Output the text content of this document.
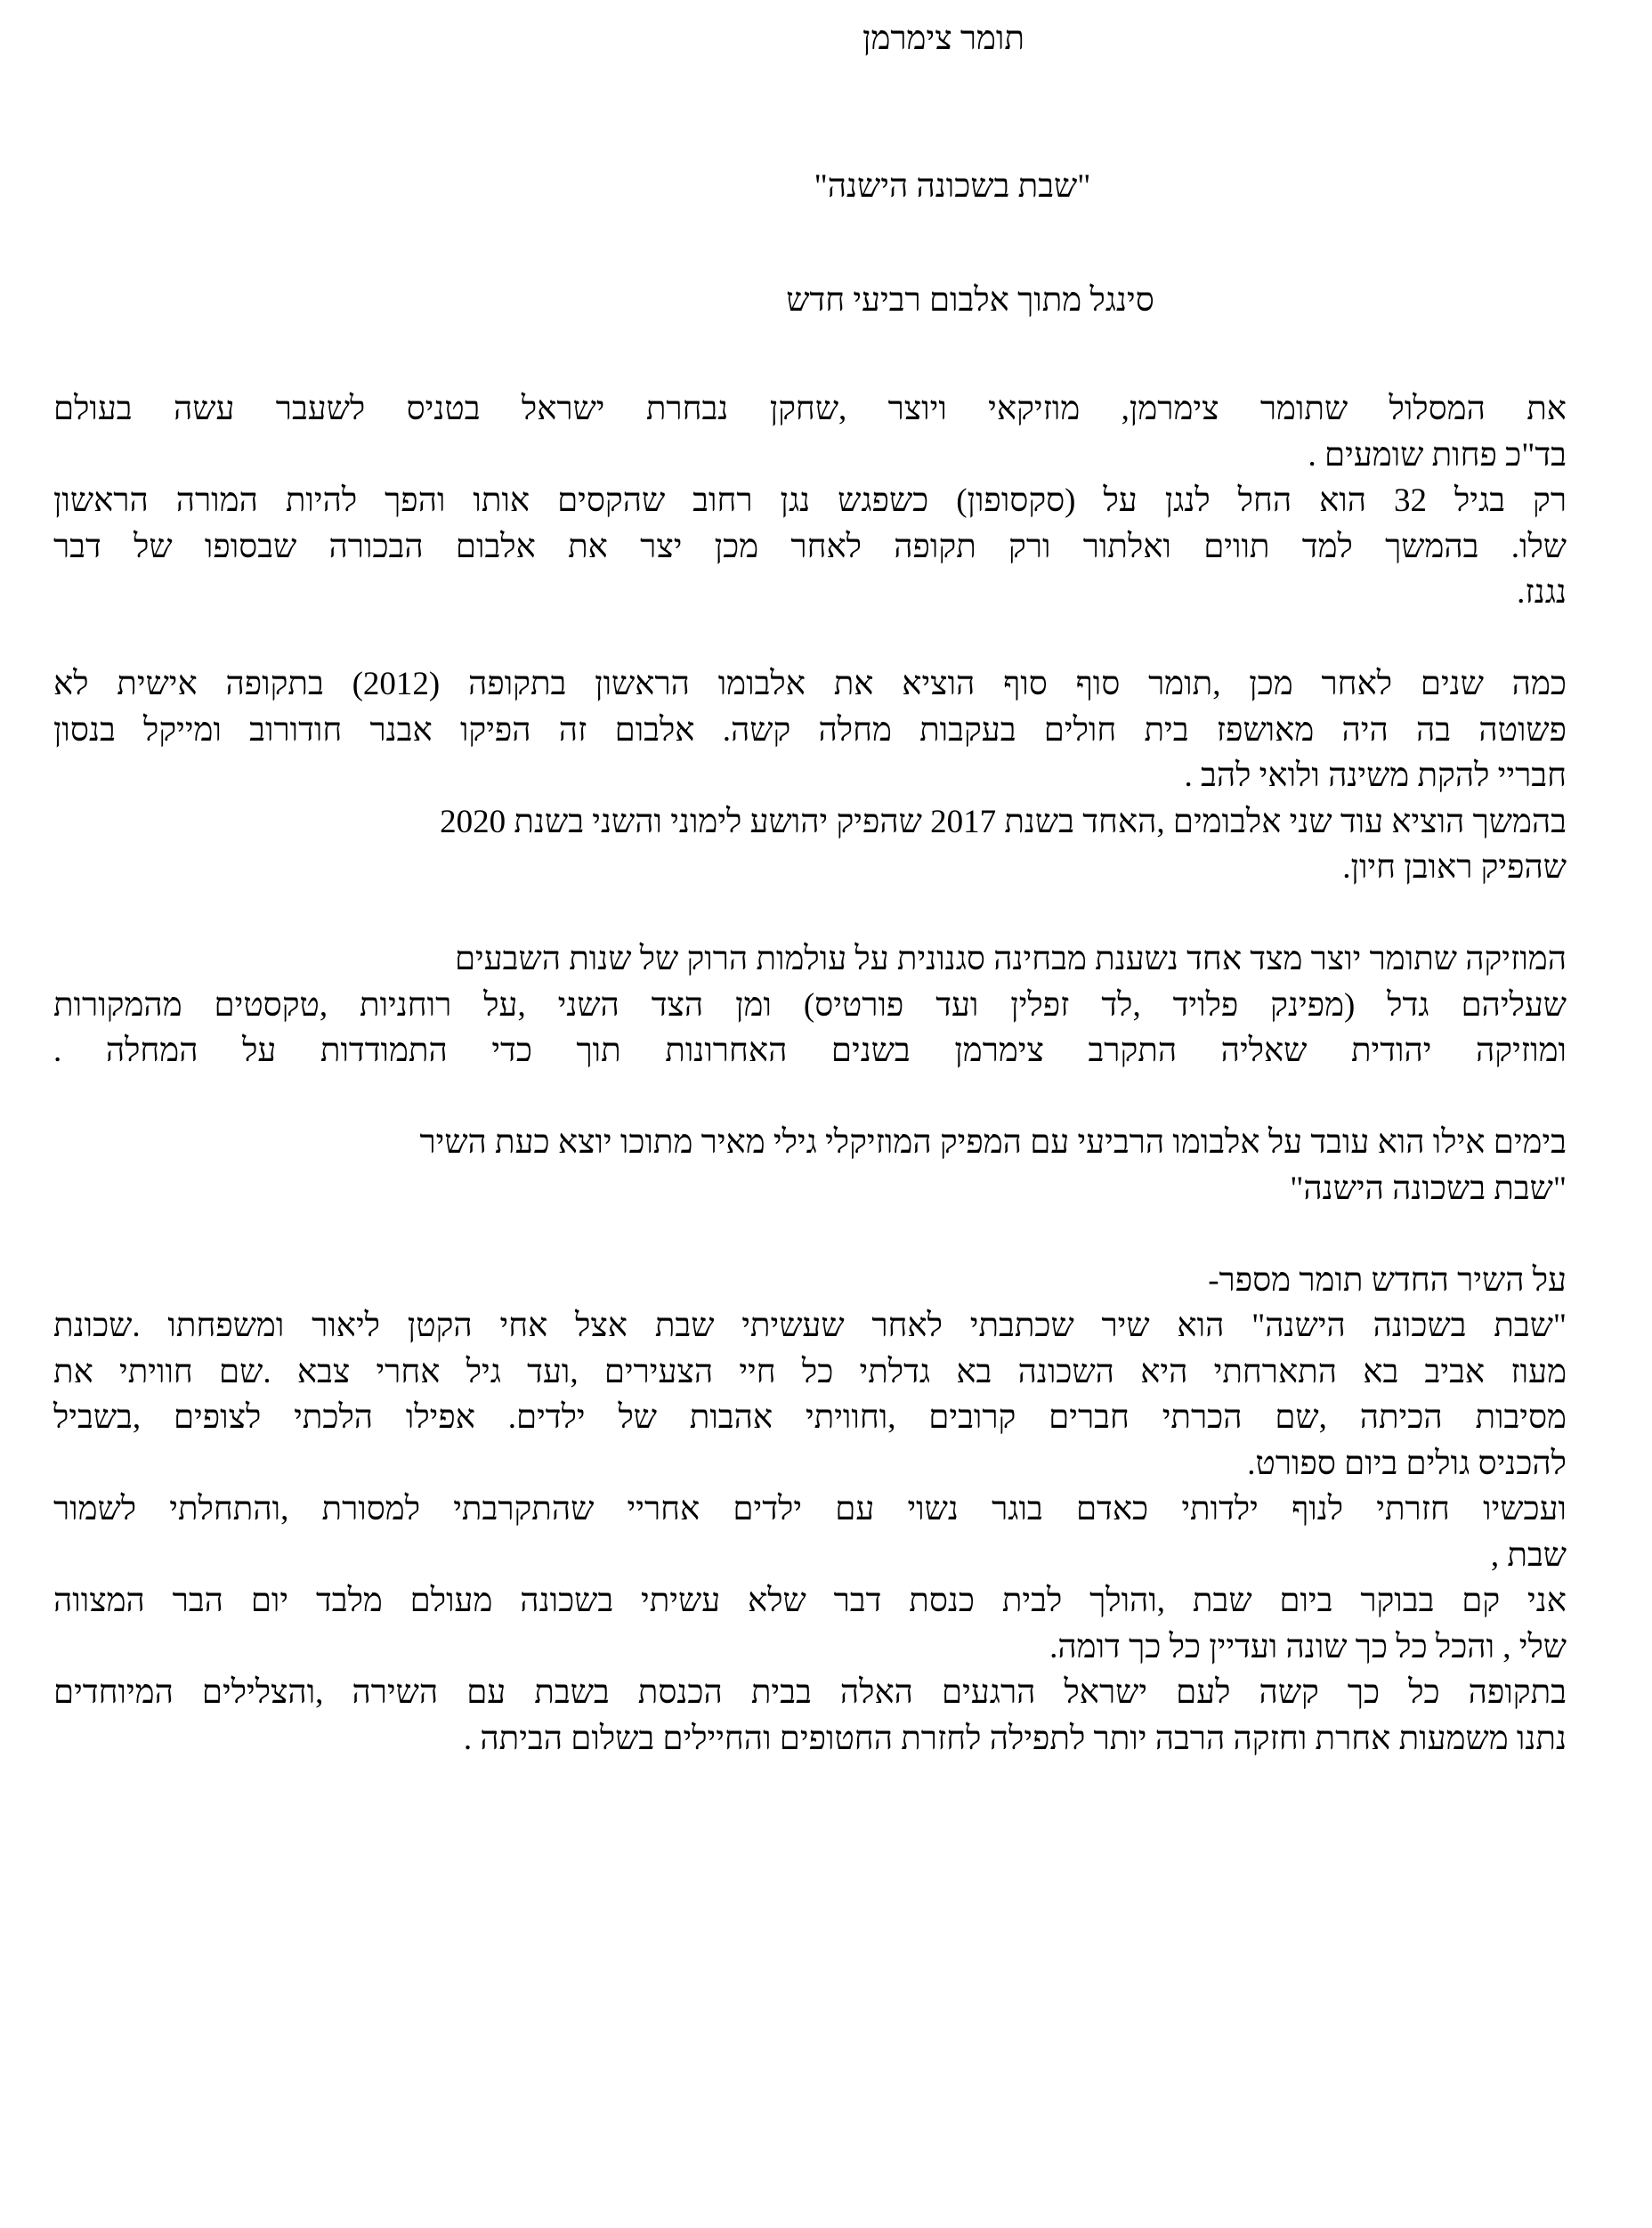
תומר צימרמן
"שבת בשכונה הישנה"
סינגל מתוך אלבום רביעי חדש
את המסלול שתומר צימרמן, מוזיקאי ויוצר ,שחקן נבחרת ישראל בטניס לשעבר עשה בעולם
בד"כ פחות שומעים .
רק בגיל 32 הוא החל לנגן על (סקסופון) כשפגש נגן רחוב שהקסים אותו והפך להיות המורה הראשון
שלו. בהמשך למד תווים ואלתור ורק תקופה לאחר מכן יצר את אלבום הבכורה שבסופו של דבר
נגנז.
כמה שנים לאחר מכן ,תומר סוף סוף הוציא את אלבומו הראשון בתקופה (2012) בתקופה אישית לא
פשוטה בה היה מאושפז בית חולים בעקבות מחלה קשה. אלבום זה הפיקו אבנר חודורוב ומייקל בנסון
חבריי להקת משינה ולואי להב .
בהמשך הוציא עוד שני אלבומים ,האחד בשנת 2017 שהפיק יהושע לימוני והשני בשנת 2020
שהפיק ראובן חיון.
המוזיקה שתומר יוצר מצד אחד נשענת מבחינה סגנונית על עולמות הרוק של שנות השבעים
שעליהם גדל (מפינק פלויד ,לד זפלין ועד פורטיס) ומן הצד השני ,על רוחניות ,טקסטים מהמקורות
ומוזיקה יהודית שאליה התקרב צימרמן בשנים האחרונות תוך כדי התמודדות על המחלה .
בימים אילו הוא עובד על אלבומו הרביעי עם המפיק המוזיקלי גילי מאיר מתוכו יוצא כעת השיר
"שבת בשכונה הישנה"
על השיר החדש תומר מספר-
"שבת בשכונה הישנה" הוא שיר שכתבתי לאחר שעשיתי שבת אצל אחי הקטן ליאור ומשפחתו .שכונת
מעוז אביב בא התארחתי היא השכונה בא גדלתי כל חיי הצעירים ,ועד גיל אחרי צבא .שם חוויתי את
מסיבות הכיתה ,שם הכרתי חברים קרובים ,וחוויתי אהבות של ילדים. אפילו הלכתי לצופים ,בשביל
להכניס גולים ביום ספורט.
ועכשיו חזרתי לנוף ילדותי כאדם בוגר נשוי עם ילדים אחריי שהתקרבתי למסורת ,והתחלתי לשמור
שבת ,
אני קם בבוקר ביום שבת ,והולך לבית כנסת דבר שלא עשיתי בשכונה מעולם מלבד יום הבר המצווה
שלי , והכל כל כך שונה ועדיין כל כך דומה.
בתקופה כל כך קשה לעם ישראל הרגעים האלה בבית הכנסת בשבת עם השירה ,והצלילים המיוחדים
נתנו משמעות אחרת וחזקה הרבה יותר לתפילה לחזרת החטופים והחיילים בשלום הביתה .
